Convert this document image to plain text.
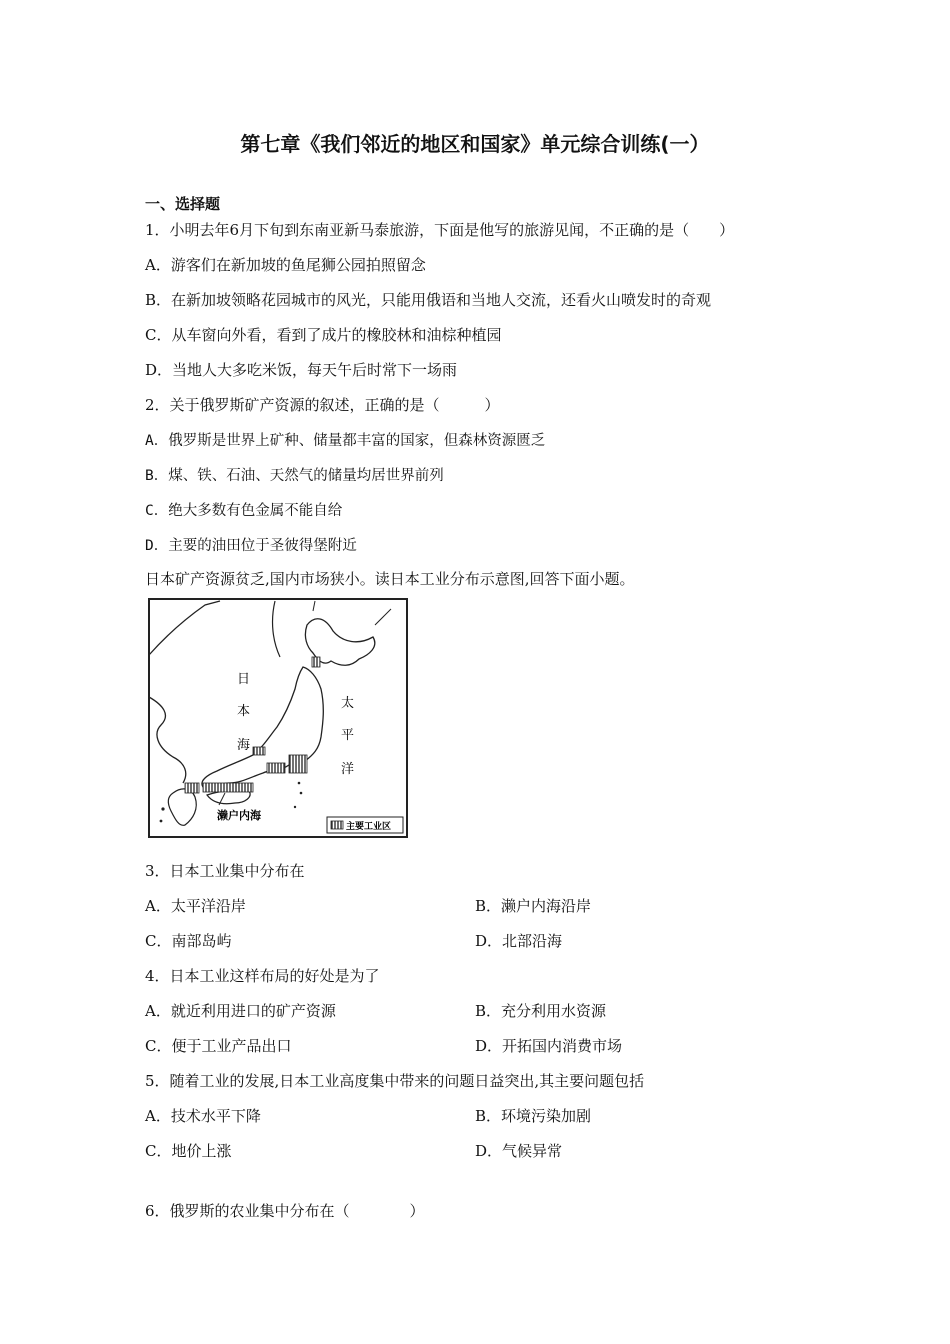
第七章《我们邻近的地区和国家》单元综合训练(一）
一、选择题
1．小明去年6月下旬到东南亚新马泰旅游，下面是他写的旅游见闻，不正确的是（　　）
A．游客们在新加坡的鱼尾狮公园拍照留念
B．在新加坡领略花园城市的风光，只能用俄语和当地人交流，还看火山喷发时的奇观
C．从车窗向外看，看到了成片的橡胶林和油棕种植园
D．当地人大多吃米饭，每天午后时常下一场雨
2．关于俄罗斯矿产资源的叙述，正确的是（　　　）
A．俄罗斯是世界上矿种、储量都丰富的国家，但森林资源匮乏
B．煤、铁、石油、天然气的储量均居世界前列
C．绝大多数有色金属不能自给
D．主要的油田位于圣彼得堡附近
日本矿产资源贫乏,国内市场狭小。读日本工业分布示意图,回答下面小题。
日
本
海
太
平
洋
濑户内海
主要工业区
3．日本工业集中分布在
A．太平洋沿岸	B．濑户内海沿岸
C．南部岛屿	D．北部沿海
4．日本工业这样布局的好处是为了
A．就近利用进口的矿产资源	B．充分利用水资源
C．便于工业产品出口	D．开拓国内消费市场
5．随着工业的发展,日本工业高度集中带来的问题日益突出,其主要问题包括
A．技术水平下降	B．环境污染加剧
C．地价上涨	D．气候异常
6．俄罗斯的农业集中分布在（　　　　）
